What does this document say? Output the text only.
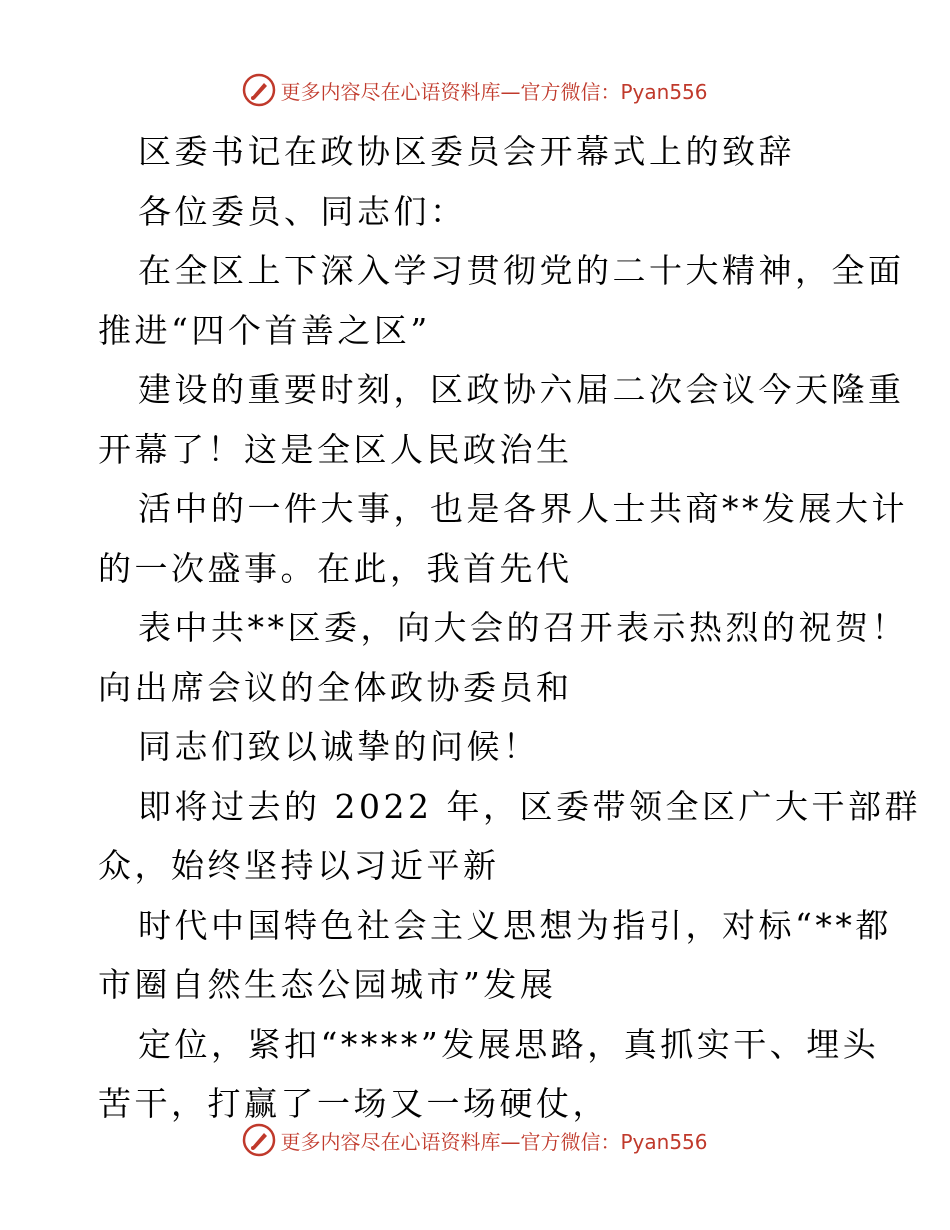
更多内容尽在心语资料库—官方微信：Pyan556
区委书记在政协区委员会开幕式上的致辞
各位委员、同志们：
在全区上下深入学习贯彻党的二十大精神，全面
推进“四个首善之区”
建设的重要时刻，区政协六届二次会议今天隆重
开幕了！这是全区人民政治生
活中的一件大事，也是各界人士共商**发展大计
的一次盛事。在此，我首先代
表中共**区委，向大会的召开表示热烈的祝贺！
向出席会议的全体政协委员和
同志们致以诚挚的问候！
即将过去的 2022 年，区委带领全区广大干部群
众，始终坚持以习近平新
时代中国特色社会主义思想为指引，对标“**都
市圈自然生态公园城市”发展
定位，紧扣“****”发展思路，真抓实干、埋头
苦干，打赢了一场又一场硬仗，
更多内容尽在心语资料库—官方微信：Pyan556
